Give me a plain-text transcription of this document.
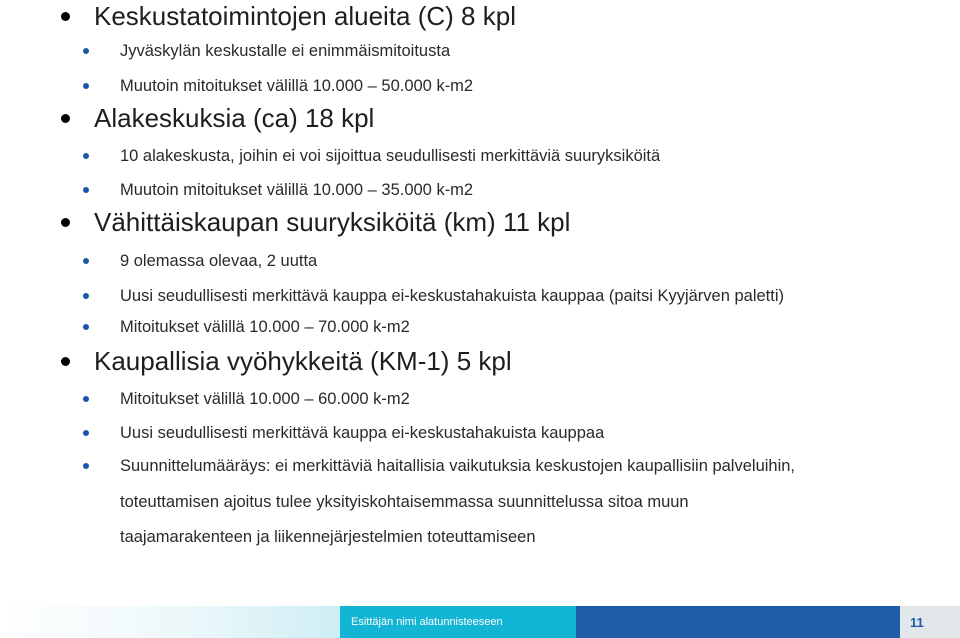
Keskustatoimintojen alueita (C) 8 kpl
Jyväskylän keskustalle ei enimmäismitoitusta
Muutoin mitoitukset välillä 10.000 – 50.000 k-m2
Alakeskuksia (ca) 18 kpl
10 alakeskusta, joihin ei voi sijoittua seudullisesti merkittäviä suuryksiköitä
Muutoin mitoitukset välillä 10.000 – 35.000 k-m2
Vähittäiskaupan suuryksiköitä (km) 11 kpl
9 olemassa olevaa, 2 uutta
Uusi seudullisesti merkittävä kauppa ei-keskustahakuista kauppaa (paitsi Kyyjärven paletti)
Mitoitukset välillä 10.000 – 70.000 k-m2
Kaupallisia vyöhykkeitä (KM-1) 5 kpl
Mitoitukset välillä 10.000 – 60.000 k-m2
Uusi seudullisesti merkittävä kauppa ei-keskustahakuista kauppaa
Suunnittelumääräys: ei merkittäviä haitallisia vaikutuksia keskustojen kaupallisiin palveluihin,
toteuttamisen ajoitus tulee yksityiskohtaisemmassa suunnittelussa sitoa muun
taajamarakenteen ja liikennejärjestelmien toteuttamiseen
Esittäjän nimi alatunnisteeseen	11
